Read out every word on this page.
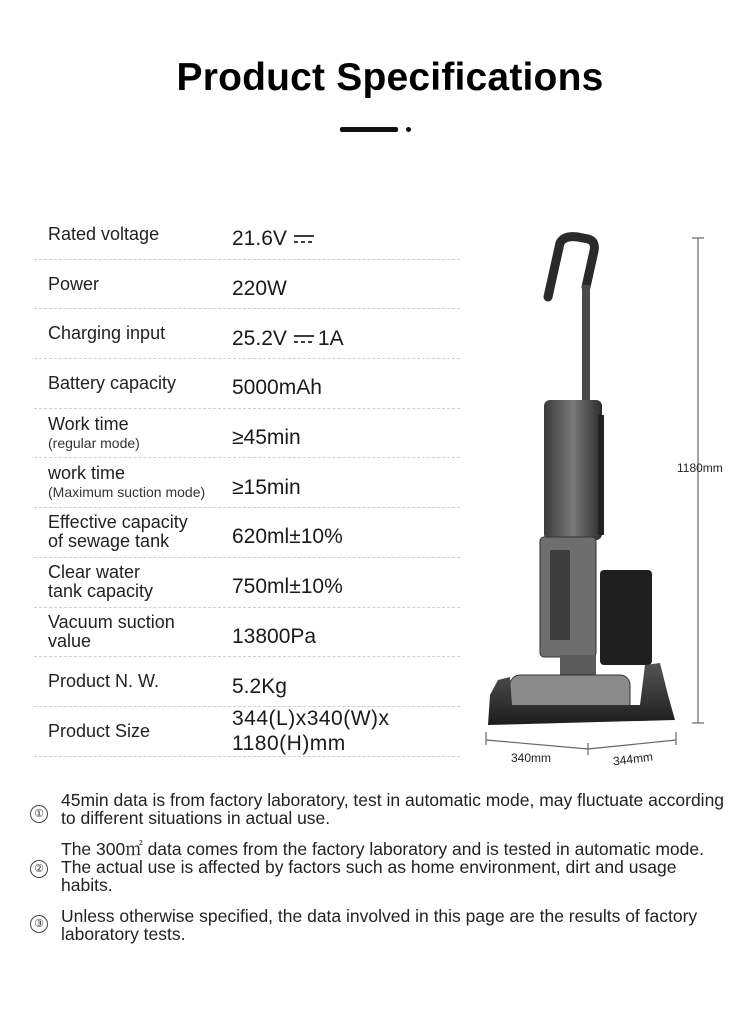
Product Specifications
Rated voltage	21.6V
Power	220W
Charging input	25.2V 1A
Battery capacity	5000mAh
Work time
(regular mode)	≥45min
work time
(Maximum suction mode)	≥15min
Effective capacity
of sewage tank	620ml±10%
Clear water
tank capacity	750ml±10%
Vacuum suction
value	13800Pa
Product N. W.	5.2Kg
Product Size
344(L)x340(W)x
1180(H)mm
1180mm
340mm	344mm
①
45min data is from factory laboratory, test in automatic mode, may fluctuate according to different situations in actual use.
②
The 300㎡ data comes from the factory laboratory and is tested in automatic mode. The actual use is affected by factors such as home environment, dirt and usage habits.
③ Unless otherwise specified, the data involved in this page are the results of factory laboratory tests.
